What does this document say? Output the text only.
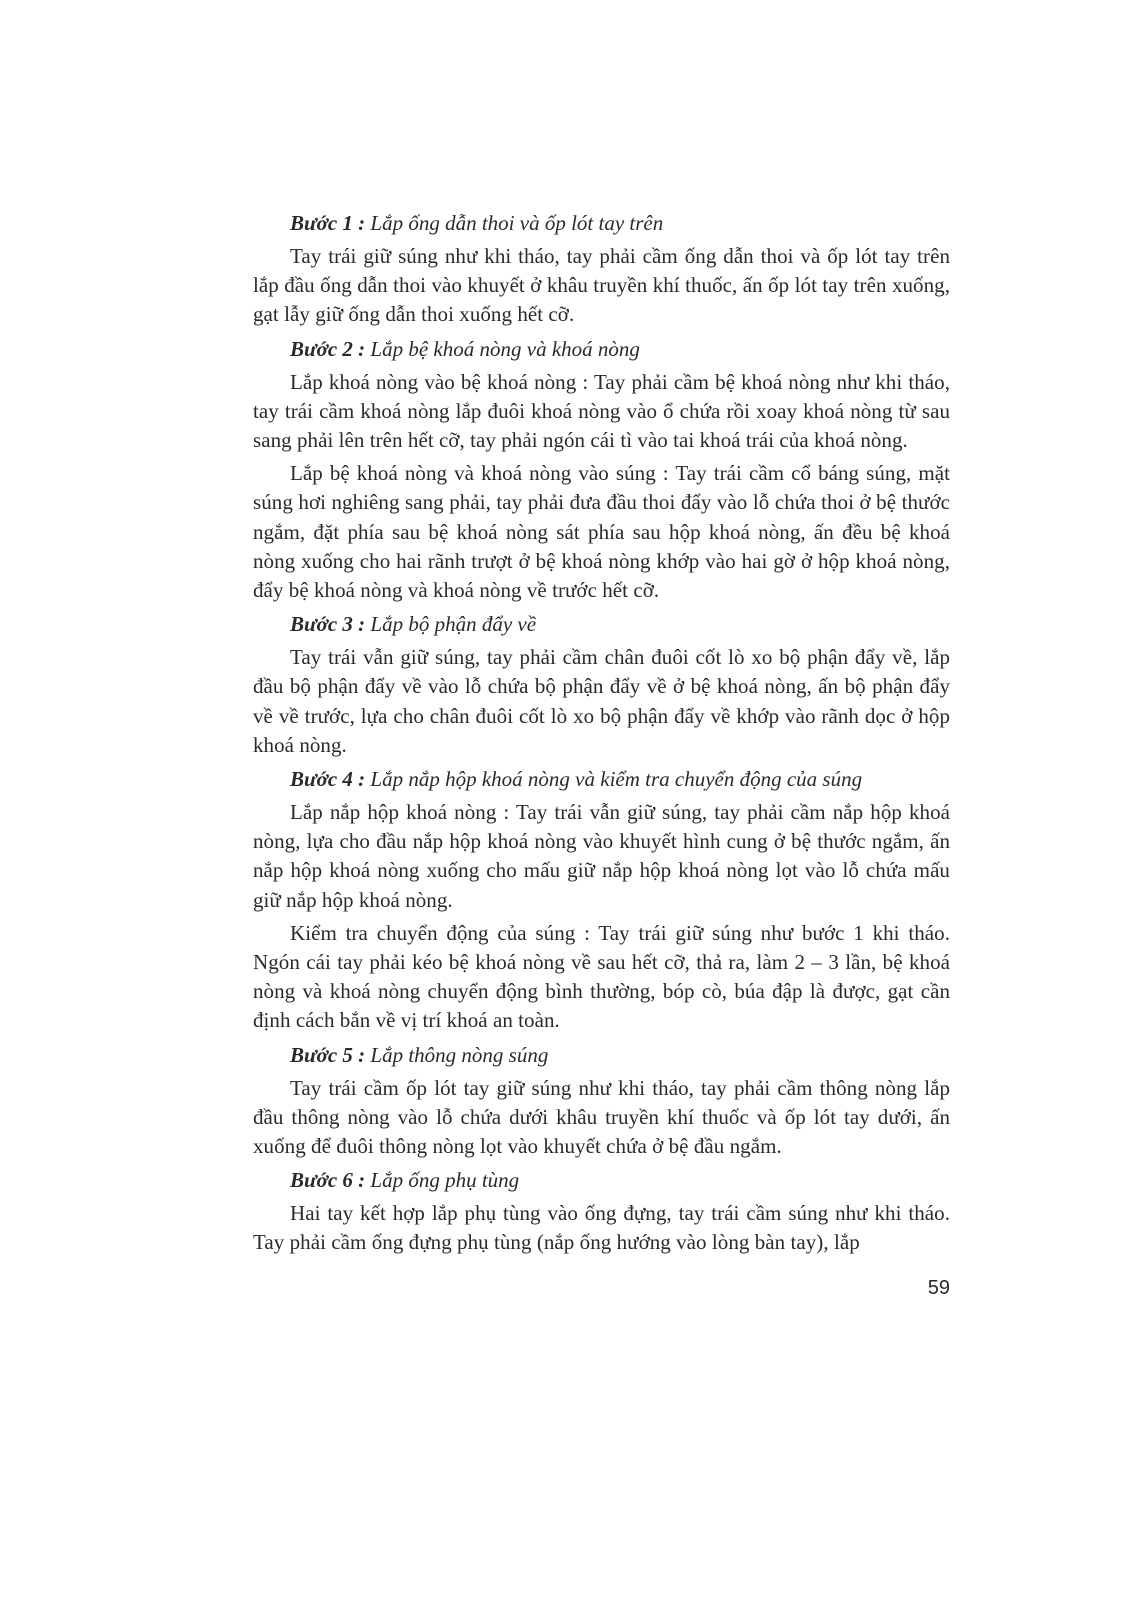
Bước 1 : Lắp ống dẫn thoi và ốp lót tay trên

Tay trái giữ súng như khi tháo, tay phải cầm ống dẫn thoi và ốp lót tay trên lắp đầu ống dẫn thoi vào khuyết ở khâu truyền khí thuốc, ấn ốp lót tay trên xuống, gạt lẫy giữ ống dẫn thoi xuống hết cỡ.

Bước 2 : Lắp bệ khoá nòng và khoá nòng

Lắp khoá nòng vào bệ khoá nòng : Tay phải cầm bệ khoá nòng như khi tháo, tay trái cầm khoá nòng lắp đuôi khoá nòng vào ổ chứa rồi xoay khoá nòng từ sau sang phải lên trên hết cỡ, tay phải ngón cái tì vào tai khoá trái của khoá nòng.

Lắp bệ khoá nòng và khoá nòng vào súng : Tay trái cầm cổ báng súng, mặt súng hơi nghiêng sang phải, tay phải đưa đầu thoi đẩy vào lỗ chứa thoi ở bệ thước ngắm, đặt phía sau bệ khoá nòng sát phía sau hộp khoá nòng, ấn đều bệ khoá nòng xuống cho hai rãnh trượt ở bệ khoá nòng khớp vào hai gờ ở hộp khoá nòng, đẩy bệ khoá nòng và khoá nòng về trước hết cỡ.

Bước 3 : Lắp bộ phận đẩy về

Tay trái vẫn giữ súng, tay phải cầm chân đuôi cốt lò xo bộ phận đẩy về, lắp đầu bộ phận đẩy về vào lỗ chứa bộ phận đẩy về ở bệ khoá nòng, ấn bộ phận đẩy về về trước, lựa cho chân đuôi cốt lò xo bộ phận đẩy về khớp vào rãnh dọc ở hộp khoá nòng.

Bước 4 : Lắp nắp hộp khoá nòng và kiểm tra chuyển động của súng

Lắp nắp hộp khoá nòng : Tay trái vẫn giữ súng, tay phải cầm nắp hộp khoá nòng, lựa cho đầu nắp hộp khoá nòng vào khuyết hình cung ở bệ thước ngắm, ấn nắp hộp khoá nòng xuống cho mấu giữ nắp hộp khoá nòng lọt vào lỗ chứa mấu giữ nắp hộp khoá nòng.

Kiểm tra chuyển động của súng : Tay trái giữ súng như bước 1 khi tháo. Ngón cái tay phải kéo bệ khoá nòng về sau hết cỡ, thả ra, làm 2 – 3 lần, bệ khoá nòng và khoá nòng chuyển động bình thường, bóp cò, búa đập là được, gạt cần định cách bắn về vị trí khoá an toàn.

Bước 5 : Lắp thông nòng súng

Tay trái cầm ốp lót tay giữ súng như khi tháo, tay phải cầm thông nòng lắp đầu thông nòng vào lỗ chứa dưới khâu truyền khí thuốc và ốp lót tay dưới, ấn xuống để đuôi thông nòng lọt vào khuyết chứa ở bệ đầu ngắm.

Bước 6 : Lắp ống phụ tùng

Hai tay kết hợp lắp phụ tùng vào ống đựng, tay trái cầm súng như khi tháo. Tay phải cầm ống đựng phụ tùng (nắp ống hướng vào lòng bàn tay), lắp

59
